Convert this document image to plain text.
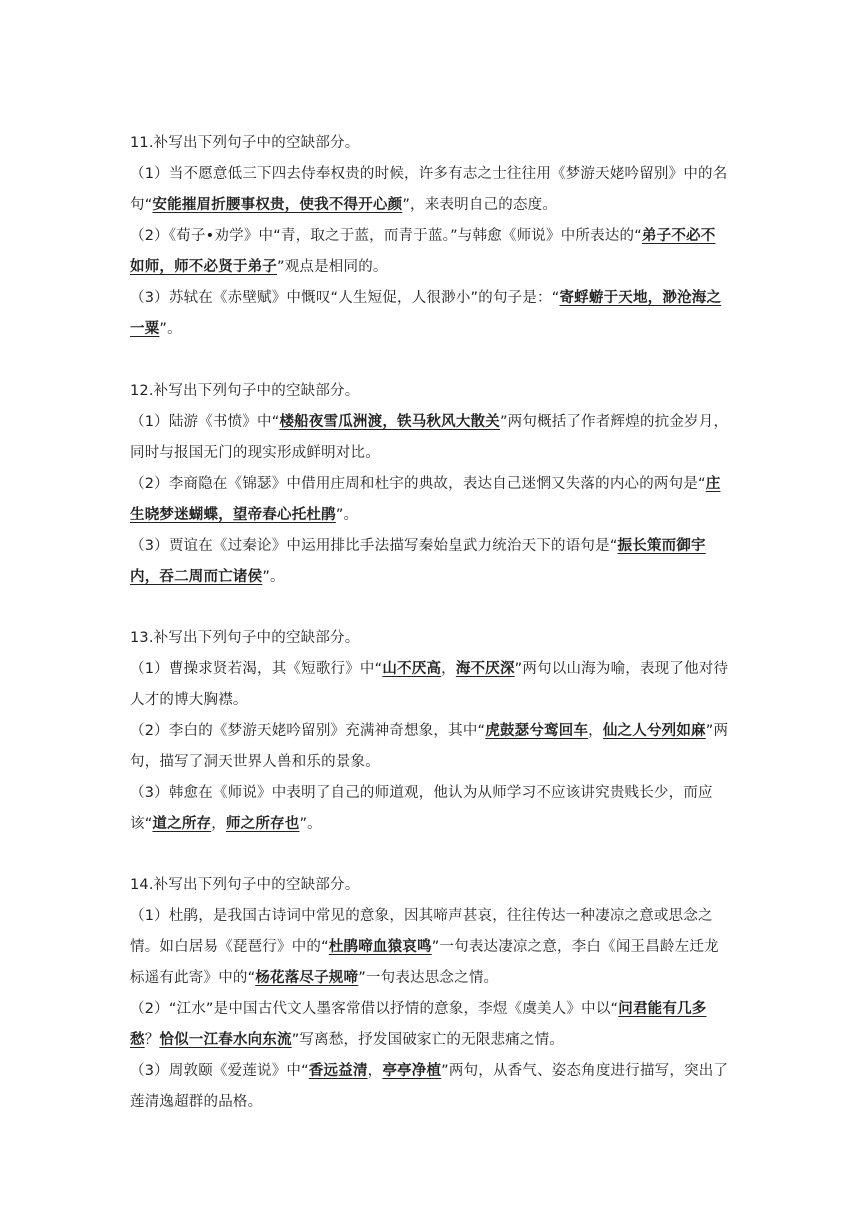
11.补写出下列句子中的空缺部分。

（1）当不愿意低三下四去侍奉权贵的时候，许多有志之士往往用《梦游天姥吟留别》中的名句“安能摧眉折腰事权贵，使我不得开心颜”，来表明自己的态度。

（2）《荀子•劝学》中“青，取之于蓝，而青于蓝。”与韩愈《师说》中所表达的“弟子不必不如师，师不必贤于弟子”观点是相同的。

（3）苏轼在《赤壁赋》中慨叹“人生短促，人很渺小”的句子是：“寄蜉蝣于天地，渺沧海之一粟”。

12.补写出下列句子中的空缺部分。

（1）陆游《书愤》中“楼船夜雪瓜洲渡，铁马秋风大散关”两句概括了作者辉煌的抗金岁月，同时与报国无门的现实形成鲜明对比。

（2）李商隐在《锦瑟》中借用庄周和杜宇的典故，表达自己迷惘又失落的内心的两句是“庄生晓梦迷蝴蝶，望帝春心托杜鹃”。

（3）贾谊在《过秦论》中运用排比手法描写秦始皇武力统治天下的语句是“振长策而御宇内，吞二周而亡诸侯”。

13.补写出下列句子中的空缺部分。

（1）曹操求贤若渴，其《短歌行》中“山不厌高，海不厌深”两句以山海为喻，表现了他对待人才的博大胸襟。

（2）李白的《梦游天姥吟留别》充满神奇想象，其中“虎鼓瑟兮鸾回车，仙之人兮列如麻”两句，描写了洞天世界人兽和乐的景象。

（3）韩愈在《师说》中表明了自己的师道观，他认为从师学习不应该讲究贵贱长少，而应该“道之所存，师之所存也”。

14.补写出下列句子中的空缺部分。

（1）杜鹃，是我国古诗词中常见的意象，因其啼声甚哀，往往传达一种凄凉之意或思念之情。如白居易《琵琶行》中的“杜鹃啼血猿哀鸣”一句表达凄凉之意，李白《闻王昌龄左迁龙标遥有此寄》中的“杨花落尽子规啼”一句表达思念之情。

（2）“江水”是中国古代文人墨客常借以抒情的意象，李煜《虞美人》中以“问君能有几多愁？恰似一江春水向东流”写离愁，抒发国破家亡的无限悲痛之情。

（3）周敦颐《爱莲说》中“香远益清，亭亭净植”两句，从香气、姿态角度进行描写，突出了莲清逸超群的品格。
